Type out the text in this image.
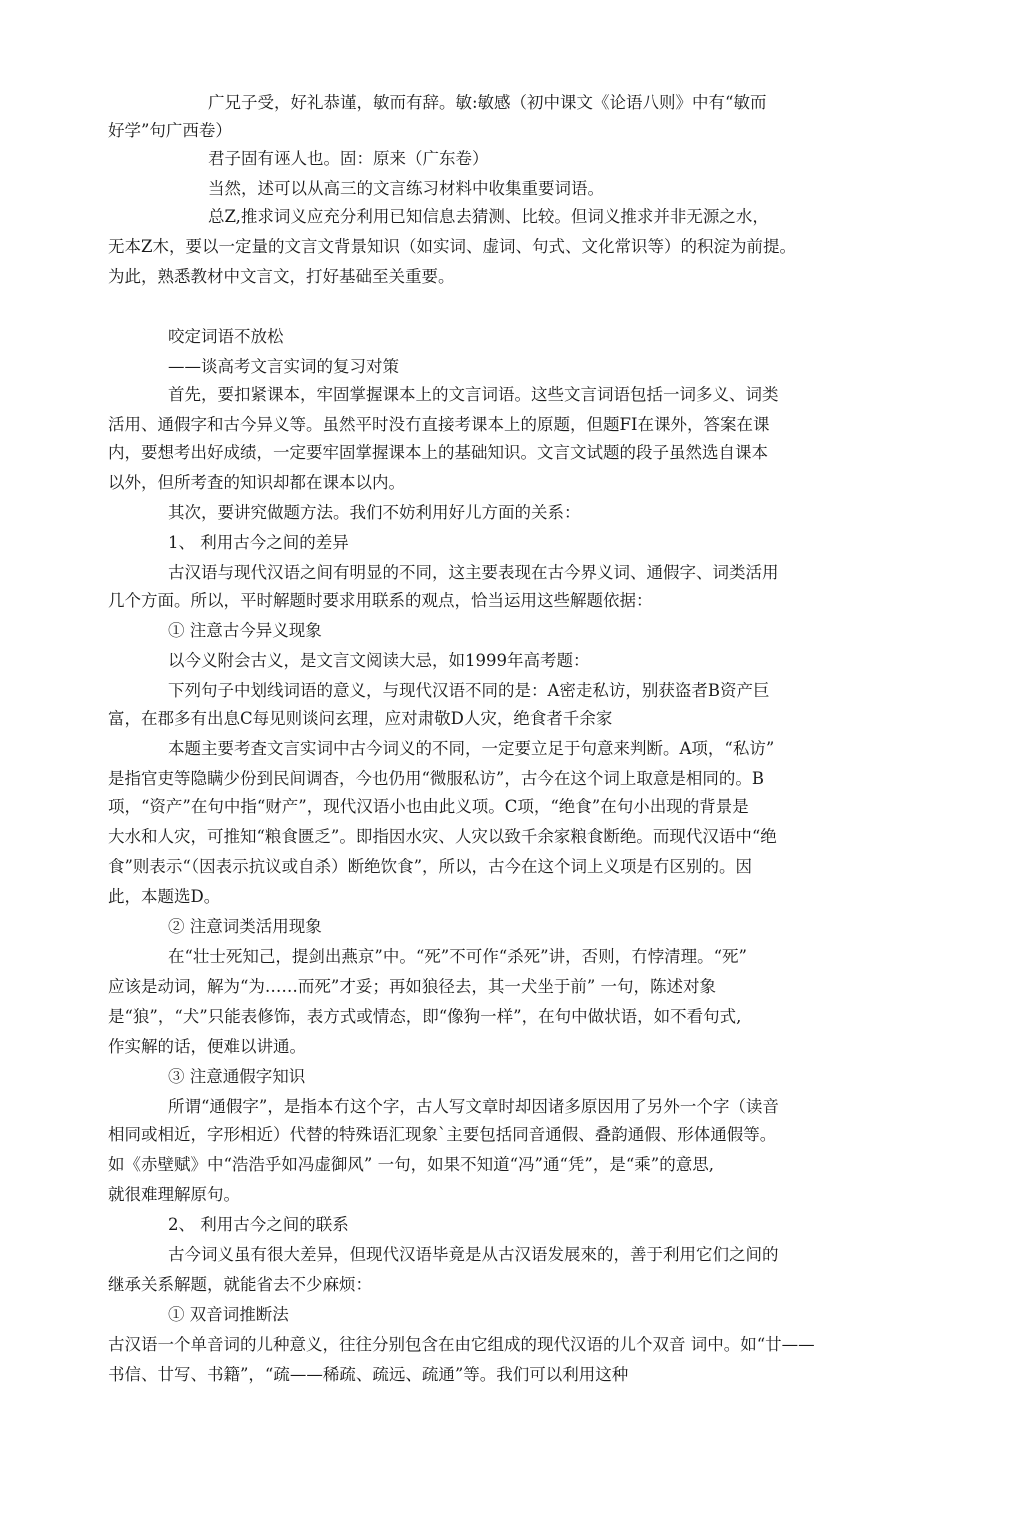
广兄子受，好礼恭谨，敏而有辞。敏:敏感（初中课文《论语八则》中有“敏而
好学”句广西卷）
君子固有诬人也。固：原来（广东卷）
当然，述可以从高三的文言练习材料中收集重要词语。
总Z,推求词义应充分利用已知信息去猜测、比较。但词义推求并非无源之水，
无本Z木，要以一定量的文言文背景知识（如实词、虚词、句式、文化常识等）的积淀为前提。
为此，熟悉教材中文言文，打好基础至关重要。
咬定词语不放松
——谈高考文言实词的复习对策
首先，要扣紧课本，牢固掌握课本上的文言词语。这些文言词语包括一词多义、词类
活用、通假字和古今异义等。虽然平时没冇直接考课本上的原题，但题FI在课外，答案在课
内，要想考出好成绩，一定要牢固掌握课本上的基础知识。文言文试题的段子虽然选自课本
以外，但所考査的知识却都在课本以内。
其次，要讲究做题方法。我们不妨利用好儿方面的关系：
1、 利用古今之间的差异
古汉语与现代汉语之间有明显的不同，这主要表现在古今界义词、通假字、词类活用
几个方面。所以，平时解题时要求用联系的观点，恰当运用这些解题依据：
① 注意古今异义现象
以今义附会古义，是文言文阅读大忌，如1999年高考题：
下列句子中划线词语的意义，与现代汉语不同的是：A密走私访，别获盗者B资产巨
富，在郡多有出息C每见则谈问玄理，应对肃敬D人灾，绝食者千余家
本题主要考査文言实词中古今词义的不同，一定要立足于句意来判断。A项，“私访”
是指官吏等隐瞒少份到民间调杳，今也仍用“微服私访”，古今在这个词上取意是相同的。B
项，“资产”在句中指“财产”，现代汉语小也由此义项。C项，“绝食”在句小出现的背景是
大水和人灾，可推知“粮食匮乏”。即指因水灾、人灾以致千余家粮食断绝。而现代汉语中“绝
食”则表示“（因表示抗议或自杀）断绝饮食”，所以，古今在这个词上义项是冇区别的。因
此，本题选D。
② 注意词类活用现象
在“壮士死知己，提剑出燕京”中。“死”不可作“杀死”讲，否则，冇悖清理。“死”
应该是动词，解为“为……而死”才妥；再如狼径去，其一犬坐于前” 一句，陈述对象
是“狼”，“犬”只能表修饰，表方式或情态，即“像狗一样”，在句中做状语，如不看句式,
作实解的话，便难以讲通。
③ 注意通假字知识
所谓“通假字”，是指本冇这个字，古人写文章时却因诸多原因用了另外一个字（读音
相同或相近，字形相近）代替的特殊语汇现象`主要包括同音通假、叠韵通假、形体通假等。
如《赤壁赋》中“浩浩乎如冯虚御风” 一句，如果不知道“冯”通“凭”，是“乘”的意思,
就很难理解原句。
2、 利用古今之间的联系
古今词义虽有很大差异，但现代汉语毕竟是从古汉语发展來的，善于利用它们之间的
继承关系解题，就能省去不少麻烦：
① 双音词推断法
古汉语一个单音词的儿种意义，往往分别包含在由它组成的现代汉语的儿个双音 词中。如“廿——
书信、廿写、书籍”，“疏——稀疏、疏远、疏通”等。我们可以利用这种
